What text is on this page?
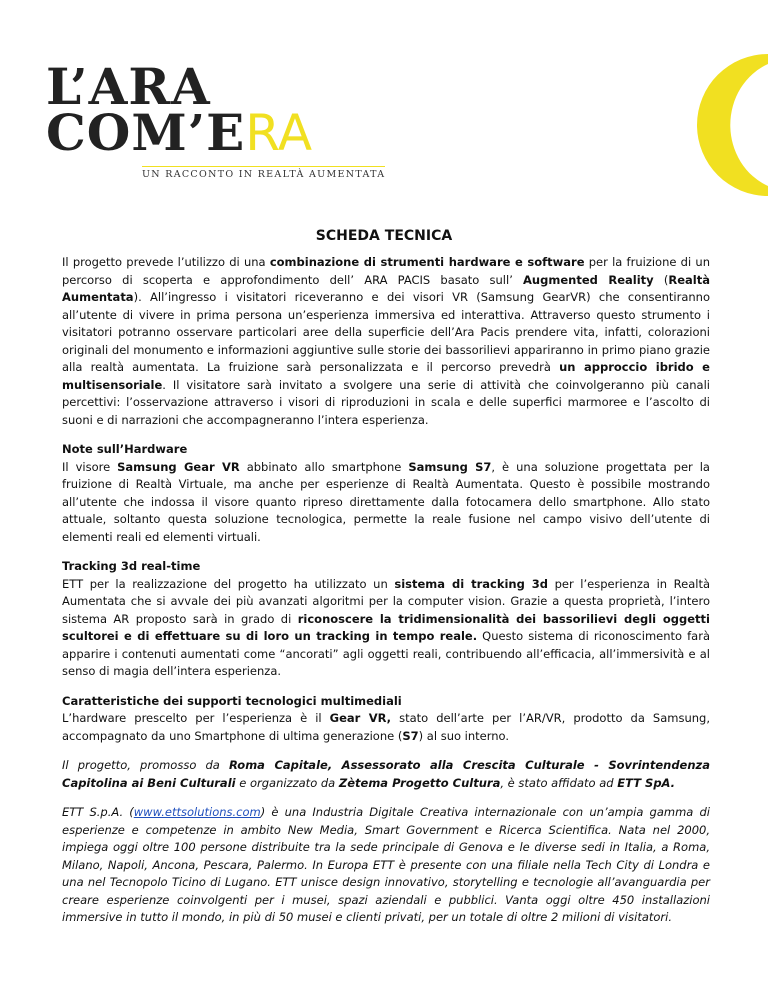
L’ARA
COM’ERA
UN RACCONTO IN REALTÀ AUMENTATA
SCHEDA TECNICA

Il progetto prevede l’utilizzo di una combinazione di strumenti hardware e software per la fruizione di un percorso di scoperta e approfondimento dell’ ARA PACIS basato sull’ Augmented Reality (Realtà Aumentata). All’ingresso i visitatori riceveranno e dei visori VR (Samsung GearVR) che consentiranno all’utente di vivere in prima persona un’esperienza immersiva ed interattiva. Attraverso questo strumento i visitatori potranno osservare particolari aree della superficie dell’Ara Pacis prendere vita, infatti, colorazioni originali del monumento e informazioni aggiuntive sulle storie dei bassorilievi appariranno in primo piano grazie alla realtà aumentata. La fruizione sarà personalizzata e il percorso prevedrà un approccio ibrido e multisensoriale. Il visitatore sarà invitato a svolgere una serie di attività che coinvolgeranno più canali percettivi: l’osservazione attraverso i visori di riproduzioni in scala e delle superfici marmoree e l’ascolto di suoni e di narrazioni che accompagneranno l’intera esperienza.

Note sull’Hardware

Il visore Samsung Gear VR abbinato allo smartphone Samsung S7, è una soluzione progettata per la fruizione di Realtà Virtuale, ma anche per esperienze di Realtà Aumentata. Questo è possibile mostrando all’utente che indossa il visore quanto ripreso direttamente dalla fotocamera dello smartphone. Allo stato attuale, soltanto questa soluzione tecnologica, permette la reale fusione nel campo visivo dell’utente di elementi reali ed elementi virtuali.

Tracking 3d real-time

ETT per la realizzazione del progetto ha utilizzato un sistema di tracking 3d per l’esperienza in Realtà Aumentata che si avvale dei più avanzati algoritmi per la computer vision. Grazie a questa proprietà, l’intero sistema AR proposto sarà in grado di riconoscere la tridimensionalità dei bassorilievi degli oggetti scultorei e di effettuare su di loro un tracking in tempo reale. Questo sistema di riconoscimento farà apparire i contenuti aumentati come “ancorati” agli oggetti reali, contribuendo all’efficacia, all’immersività e al senso di magia dell’intera esperienza.

Caratteristiche dei supporti tecnologici multimediali

L’hardware prescelto per l’esperienza è il Gear VR, stato dell’arte per l’AR/VR, prodotto da Samsung, accompagnato da uno Smartphone di ultima generazione (S7) al suo interno.

Il progetto, promosso da Roma Capitale, Assessorato alla Crescita Culturale - Sovrintendenza Capitolina ai Beni Culturali e organizzato da Zètema Progetto Cultura, è stato affidato ad ETT SpA.

ETT S.p.A. (www.ettsolutions.com) è una Industria Digitale Creativa internazionale con un’ampia gamma di esperienze e competenze in ambito New Media, Smart Government e Ricerca Scientifica. Nata nel 2000, impiega oggi oltre 100 persone distribuite tra la sede principale di Genova e le diverse sedi in Italia, a Roma, Milano, Napoli, Ancona, Pescara, Palermo. In Europa ETT è presente con una filiale nella Tech City di Londra e una nel Tecnopolo Ticino di Lugano. ETT unisce design innovativo, storytelling e tecnologie all’avanguardia per creare esperienze coinvolgenti per i musei, spazi aziendali e pubblici. Vanta oggi oltre 450 installazioni immersive in tutto il mondo, in più di 50 musei e clienti privati, per un totale di oltre 2 milioni di visitatori.
